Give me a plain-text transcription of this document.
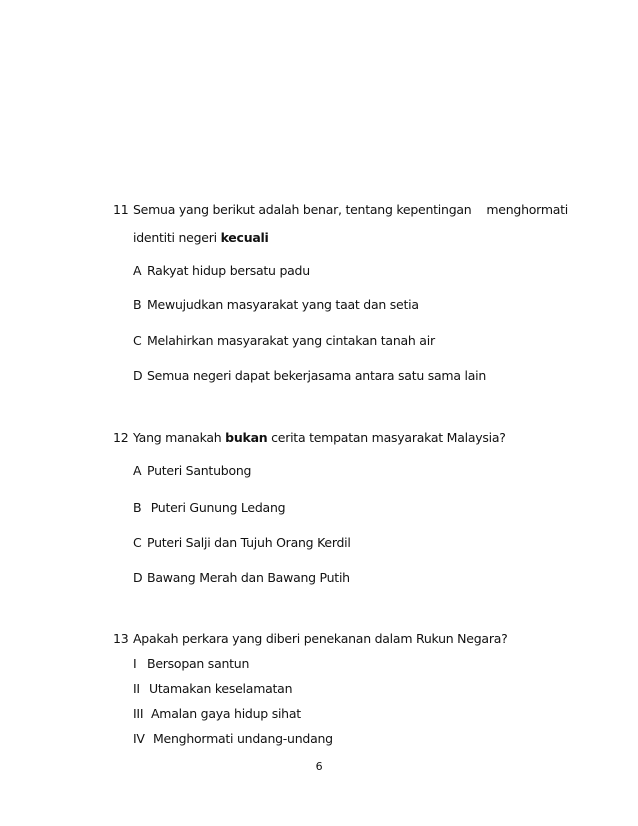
11 Semua yang berikut adalah benar, tentang kepentingan    menghormati
identiti negeri kecuali
A Rakyat hidup bersatu padu
B Mewujudkan masyarakat yang taat dan setia
C Melahirkan masyarakat yang cintakan tanah air
D Semua negeri dapat bekerjasama antara satu sama lain
12 Yang manakah bukan cerita tempatan masyarakat Malaysia?
A Puteri Santubong
B Puteri Gunung Ledang
C Puteri Salji dan Tujuh Orang Kerdil
D Bawang Merah dan Bawang Putih
13 Apakah perkara yang diberi penekanan dalam Rukun Negara?
I Bersopan santun
II Utamakan keselamatan
III Amalan gaya hidup sihat
IV Menghormati undang-undang
6
